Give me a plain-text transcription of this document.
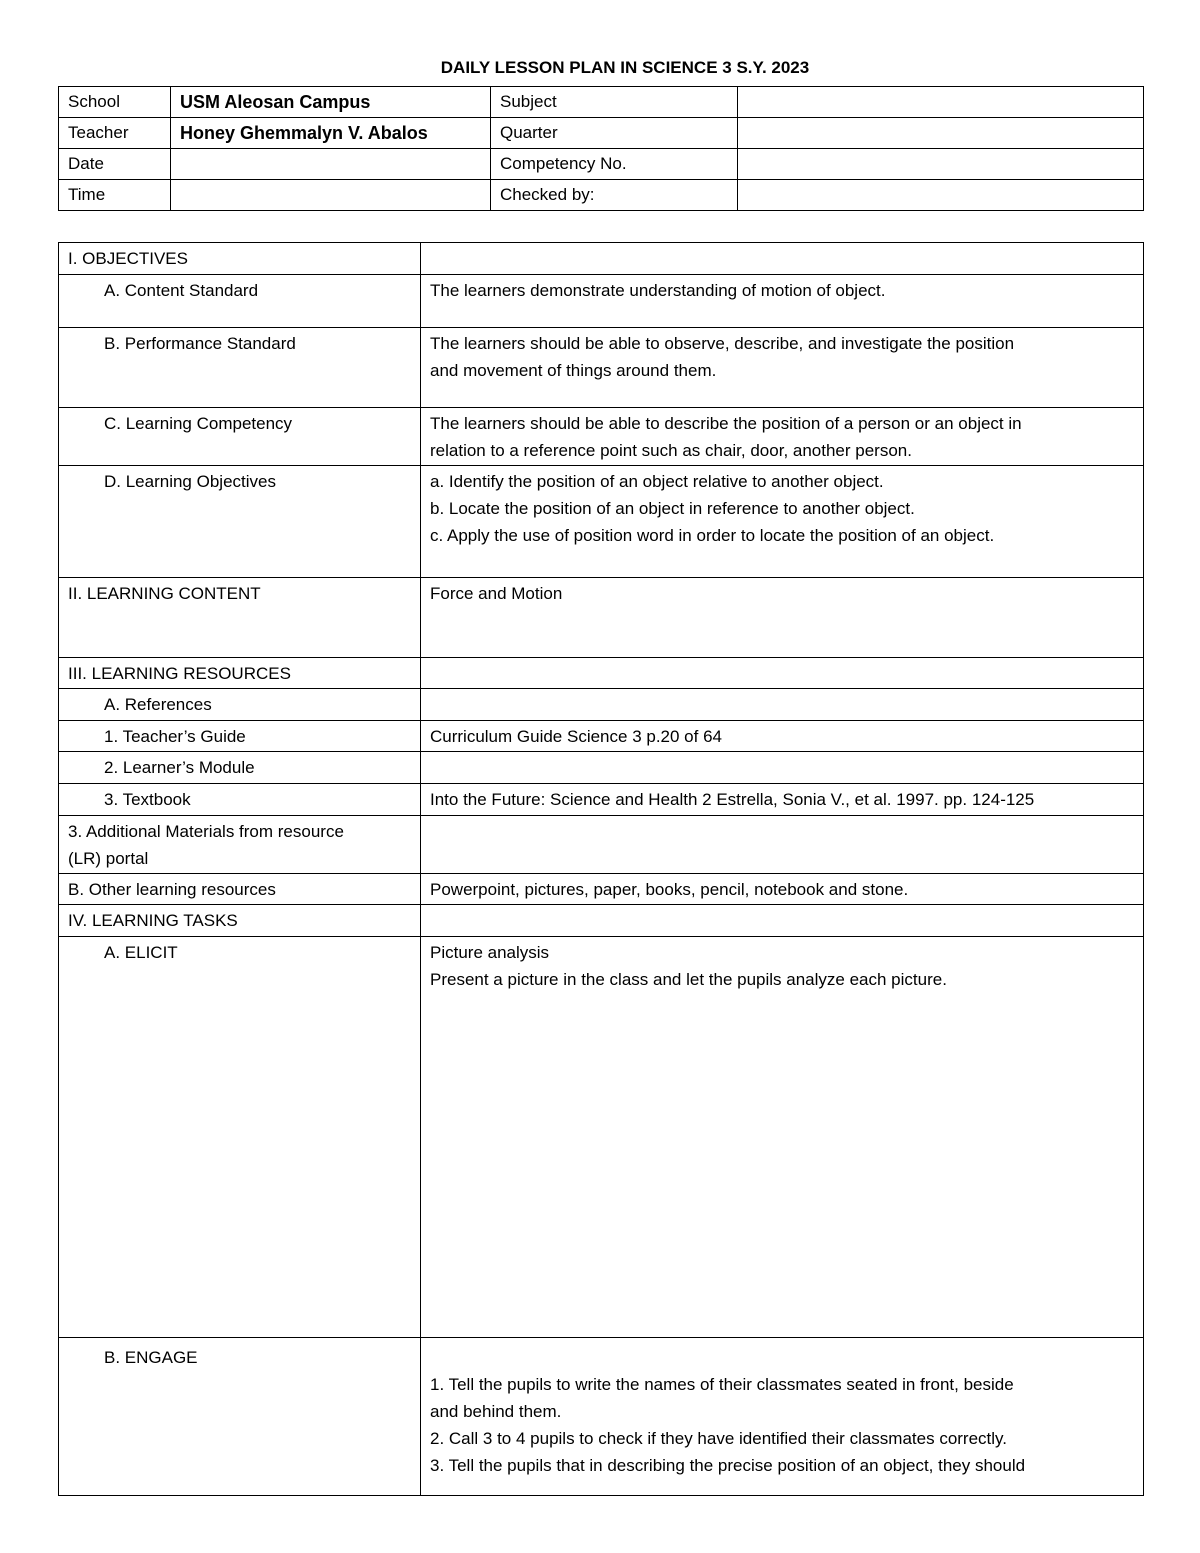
DAILY LESSON PLAN IN SCIENCE 3 S.Y. 2023
School	USM Aleosan Campus	Subject	
Teacher	Honey Ghemmalyn V. Abalos	Quarter	
Date		Competency No.	
Time		Checked by:	
I. OBJECTIVES	
A. Content Standard	The learners demonstrate understanding of motion of object.
B. Performance Standard	The learners should be able to observe, describe, and investigate the position
and movement of things around them.

C. Learning Competency	The learners should be able to describe the position of a person or an object in
relation to a reference point such as chair, door, another person.

D. Learning Objectives	a. Identify the position of an object relative to another object.
b. Locate the position of an object in reference to another object.
c. Apply the use of position word in order to locate the position of an object.

II. LEARNING CONTENT	Force and Motion
III. LEARNING RESOURCES	
A. References	
1. Teacher’s Guide	Curriculum Guide Science 3 p.20 of 64
2. Learner’s Module	
3. Textbook	Into the Future: Science and Health 2 Estrella, Sonia V., et al. 1997. pp. 124-125

3. Additional Materials from resource
(LR) portal	

B. Other learning resources	Powerpoint, pictures, paper, books, pencil, notebook and stone.
IV. LEARNING TASKS	
A. ELICIT	Picture analysis
Present a picture in the class and let the pupils analyze each picture.

B. ENGAGE	1. Tell the pupils to write the names of their classmates seated in front, beside
and behind them.
2. Call 3 to 4 pupils to check if they have identified their classmates correctly.
3. Tell the pupils that in describing the precise position of an object, they should
